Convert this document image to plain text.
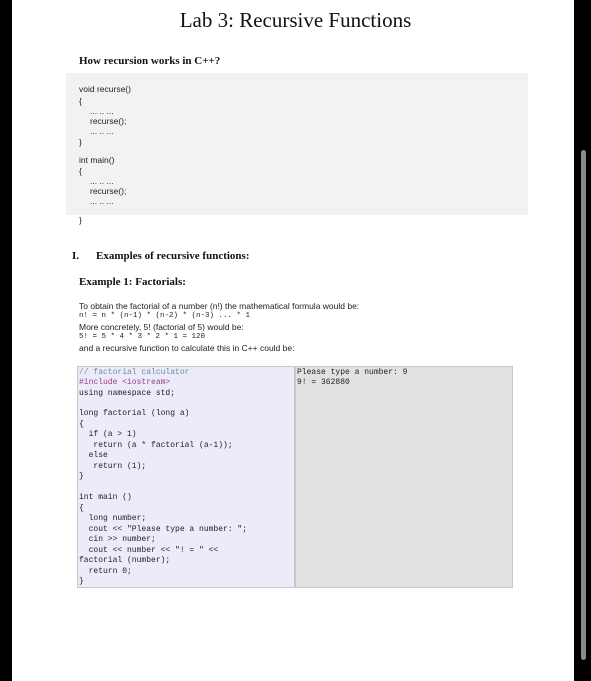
Lab 3: Recursive Functions
How recursion works in C++?
void recurse()
{
... .. ...
recurse();
... .. ...
}
int main()
{
... .. ...
recurse();
... .. ...
}
I. Examples of recursive functions:
Example 1: Factorials:
To obtain the factorial of a number (n!) the mathematical formula would be:
n! = n * (n-1) * (n-2) * (n-3) ... * 1
More concretely, 5! (factorial of 5) would be:
5! = 5 * 4 * 3 * 2 * 1 = 120
and a recursive function to calculate this in C++ could be:
// factorial calculator
#include <iostream>
using namespace std;
long factorial (long a)
{
if (a > 1)
return (a * factorial (a-1));
else
return (1);
}
int main ()
{
long number;
cout << "Please type a number: ";
cin >> number;
cout << number << "! = " <<
factorial (number);
return 0;
}
Please type a number: 9
9! = 362880
